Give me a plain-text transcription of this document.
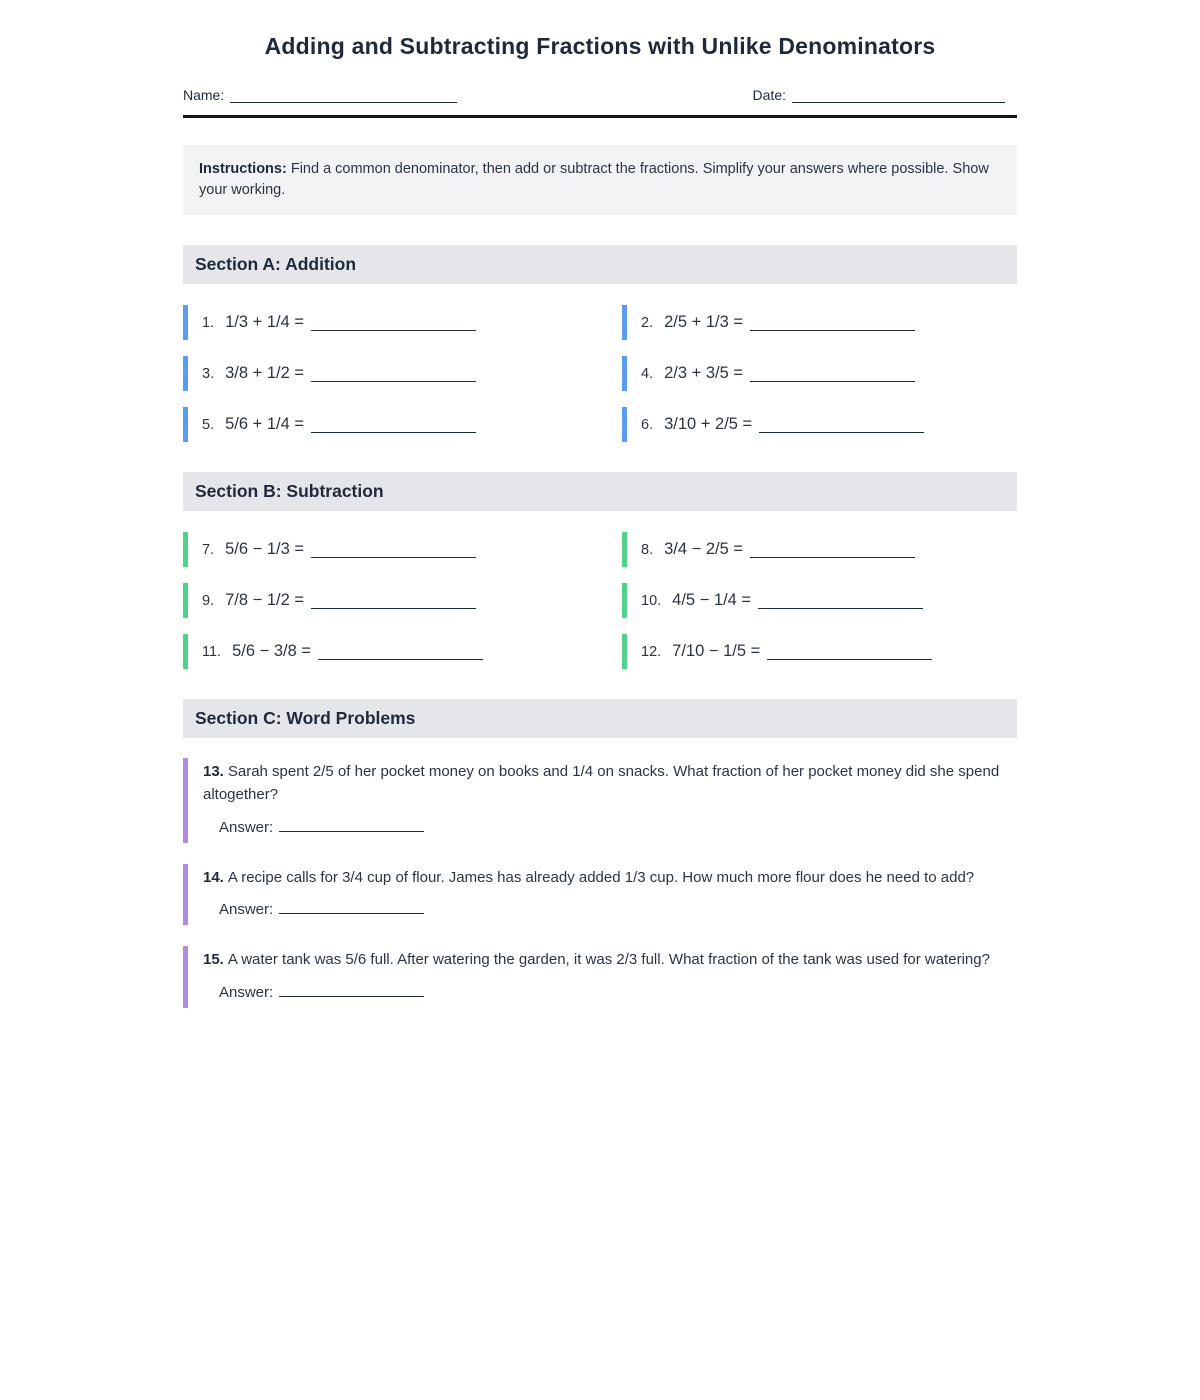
Adding and Subtracting Fractions with Unlike Denominators
Name:	Date:
Instructions: Find a common denominator, then add or subtract the fractions. Simplify your answers where possible. Show your working.
Section A: Addition
1. 1/3 + 1/4 =	2. 2/5 + 1/3 =
3. 3/8 + 1/2 =	4. 2/3 + 3/5 =
5. 5/6 + 1/4 =	6. 3/10 + 2/5 =
Section B: Subtraction
7. 5/6 − 1/3 =	8. 3/4 − 2/5 =
9. 7/8 − 1/2 =	10. 4/5 − 1/4 =
11. 5/6 − 3/8 =	12. 7/10 − 1/5 =
Section C: Word Problems
13. Sarah spent 2/5 of her pocket money on books and 1/4 on snacks. What fraction of her pocket money did she spend altogether?
Answer:
14. A recipe calls for 3/4 cup of flour. James has already added 1/3 cup. How much more flour does he need to add?
Answer:
15. A water tank was 5/6 full. After watering the garden, it was 2/3 full. What fraction of the tank was used for watering?
Answer:
